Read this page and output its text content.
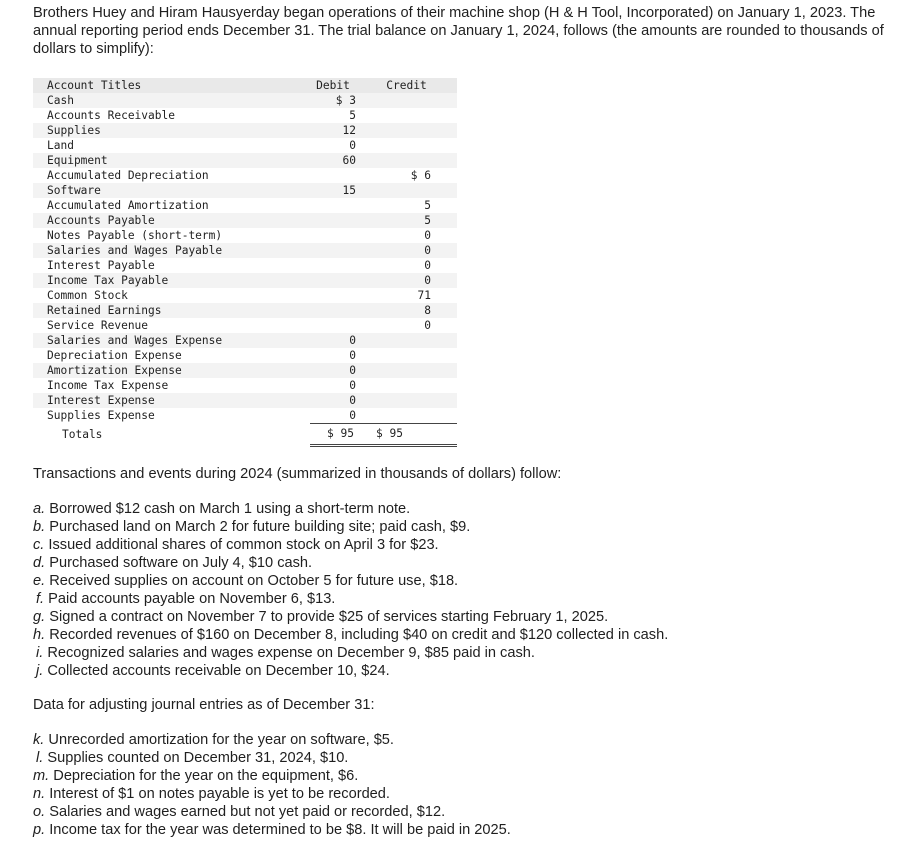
Brothers Huey and Hiram Hausyerday began operations of their machine shop (H & H Tool, Incorporated) on January 1, 2023. The annual reporting period ends December 31. The trial balance on January 1, 2024, follows (the amounts are rounded to thousands of dollars to simplify):

Account Titles		Debit	Credit
Cash		$ 3	
Accounts Receivable		5	
Supplies		12	
Land		0	
Equipment		60	
Accumulated Depreciation			$ 6
Software		15	
Accumulated Amortization			5
Accounts Payable			5
Notes Payable (short-term)			0
Salaries and Wages Payable			0
Interest Payable			0
Income Tax Payable			0
Common Stock			71
Retained Earnings			8
Service Revenue			0
Salaries and Wages Expense		0	
Depreciation Expense		0	
Amortization Expense		0	
Income Tax Expense		0	
Interest Expense		0	
Supplies Expense		0	
Totals		$ 95	$ 95

Transactions and events during 2024 (summarized in thousands of dollars) follow:

a. Borrowed $12 cash on March 1 using a short-term note.
b. Purchased land on March 2 for future building site; paid cash, $9.
c. Issued additional shares of common stock on April 3 for $23.
d. Purchased software on July 4, $10 cash.
e. Received supplies on account on October 5 for future use, $18.
f. Paid accounts payable on November 6, $13.
g. Signed a contract on November 7 to provide $25 of services starting February 1, 2025.
h. Recorded revenues of $160 on December 8, including $40 on credit and $120 collected in cash.
i. Recognized salaries and wages expense on December 9, $85 paid in cash.
j. Collected accounts receivable on December 10, $24.

Data for adjusting journal entries as of December 31:

k. Unrecorded amortization for the year on software, $5.
l. Supplies counted on December 31, 2024, $10.
m. Depreciation for the year on the equipment, $6.
n. Interest of $1 on notes payable is yet to be recorded.
o. Salaries and wages earned but not yet paid or recorded, $12.
p. Income tax for the year was determined to be $8. It will be paid in 2025.
